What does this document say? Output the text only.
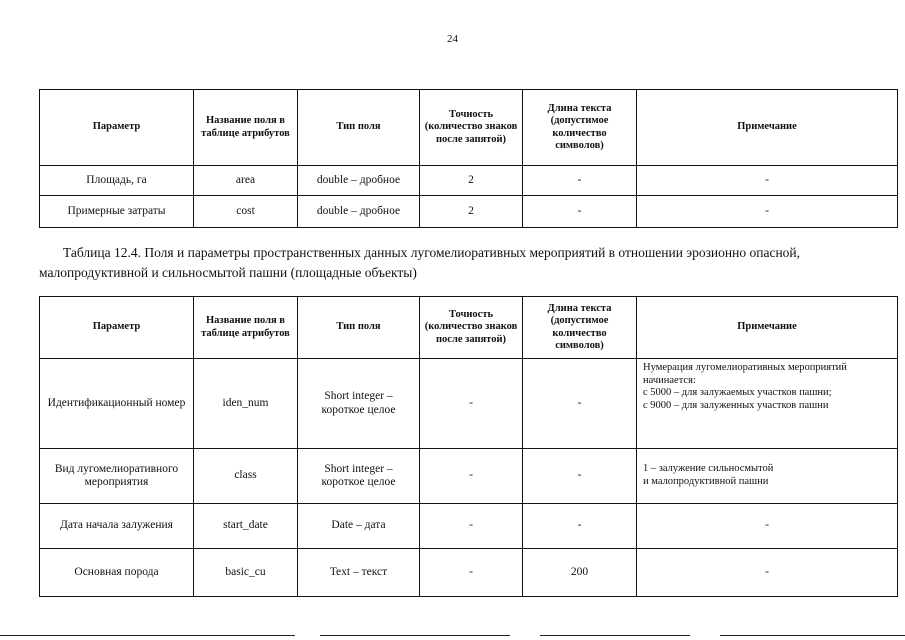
24
Параметр	Название поля в таблице атрибутов	Тип поля	Точность (количество знаков после запятой)	Длина текста (допустимое количество символов)	Примечание
Площадь, га	area	double – дробное	2	-	-
Примерные затраты	cost	double – дробное	2	-	-
Таблица 12.4. Поля и параметры пространственных данных лугомелиоративных мероприятий в отношении эрозионно опасной, малопродуктивной и сильносмытой пашни (площадные объекты)
Параметр	Название поля в таблице атрибутов	Тип поля	Точность (количество знаков после запятой)	Длина текста (допустимое количество символов)	Примечание
Идентификационный номер	iden_num	Short integer – короткое целое	-	-	Нумерация лугомелиоративных мероприятий начинается:
с 5000 – для залужаемых участков пашни;
с 9000 – для залуженных участков пашни
Вид лугомелиоративного мероприятия	class	Short integer – короткое целое	-	-	1 – залужение сильносмытой
и малопродуктивной пашни
Дата начала залужения	start_date	Date – дата	-	-	-
Основная порода	basic_cu	Text – текст	-	200	-
